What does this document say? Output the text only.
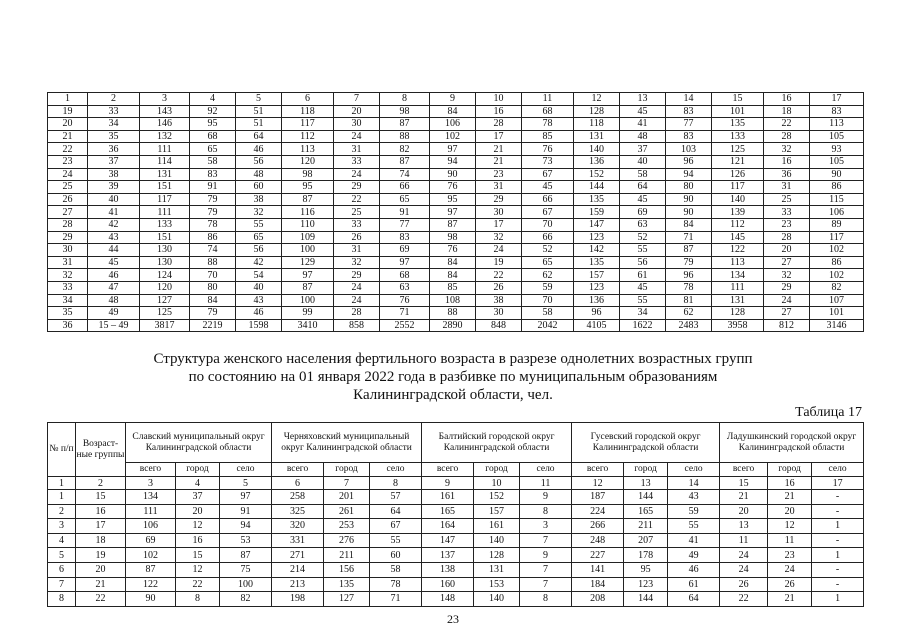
1	2	3	4	5	6	7	8	9	10	11	12	13	14	15	16	17
19	33	143	92	51	118	20	98	84	16	68	128	45	83	101	18	83
20	34	146	95	51	117	30	87	106	28	78	118	41	77	135	22	113
21	35	132	68	64	112	24	88	102	17	85	131	48	83	133	28	105
22	36	111	65	46	113	31	82	97	21	76	140	37	103	125	32	93
23	37	114	58	56	120	33	87	94	21	73	136	40	96	121	16	105
24	38	131	83	48	98	24	74	90	23	67	152	58	94	126	36	90
25	39	151	91	60	95	29	66	76	31	45	144	64	80	117	31	86
26	40	117	79	38	87	22	65	95	29	66	135	45	90	140	25	115
27	41	111	79	32	116	25	91	97	30	67	159	69	90	139	33	106
28	42	133	78	55	110	33	77	87	17	70	147	63	84	112	23	89
29	43	151	86	65	109	26	83	98	32	66	123	52	71	145	28	117
30	44	130	74	56	100	31	69	76	24	52	142	55	87	122	20	102
31	45	130	88	42	129	32	97	84	19	65	135	56	79	113	27	86
32	46	124	70	54	97	29	68	84	22	62	157	61	96	134	32	102
33	47	120	80	40	87	24	63	85	26	59	123	45	78	111	29	82
34	48	127	84	43	100	24	76	108	38	70	136	55	81	131	24	107
35	49	125	79	46	99	28	71	88	30	58	96	34	62	128	27	101
36	15 – 49	3817	2219	1598	3410	858	2552	2890	848	2042	4105	1622	2483	3958	812	3146
Структура женского населения фертильного возраста в разрезе однолетних возрастных групп
по состоянию на 01 января 2022 года в разбивке по муниципальным образованиям
Калининградской области, чел.
Таблица 17
№ п/п	Возраст-ные группы	Славский муниципальный округ Калининградской области			Черняховский муниципальный округ Калининградской области			Балтийский городской округ Калининградской области			Гусевский городской округ Калининградской области			Ладушкинский городской округ Калининградской области		
		всего	город	село	всего	город	село	всего	город	село	всего	город	село	всего	город	село
1	2	3	4	5	6	7	8	9	10	11	12	13	14	15	16	17
1	15	134	37	97	258	201	57	161	152	9	187	144	43	21	21	-
2	16	111	20	91	325	261	64	165	157	8	224	165	59	20	20	-
3	17	106	12	94	320	253	67	164	161	3	266	211	55	13	12	1
4	18	69	16	53	331	276	55	147	140	7	248	207	41	11	11	-
5	19	102	15	87	271	211	60	137	128	9	227	178	49	24	23	1
6	20	87	12	75	214	156	58	138	131	7	141	95	46	24	24	-
7	21	122	22	100	213	135	78	160	153	7	184	123	61	26	26	-
8	22	90	8	82	198	127	71	148	140	8	208	144	64	22	21	1
23
